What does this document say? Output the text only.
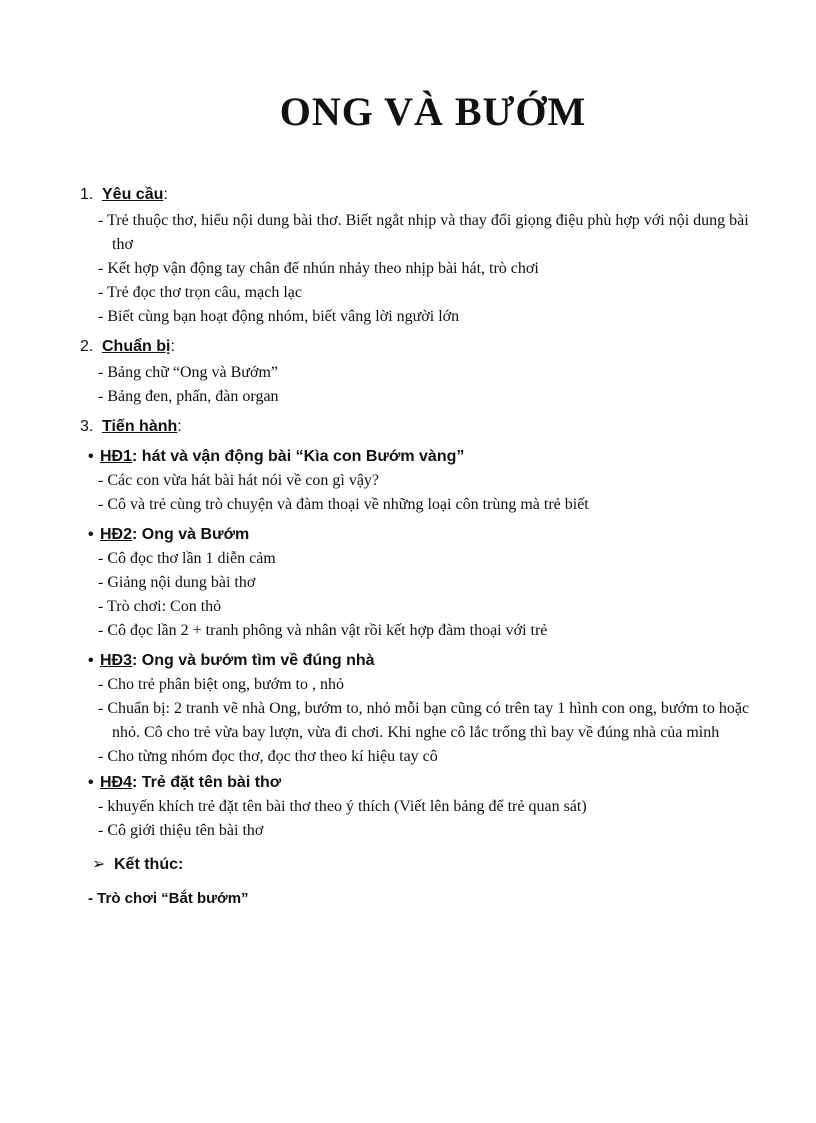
ONG VÀ BƯỚM
1. Yêu cầu :
- Trẻ thuộc thơ, hiểu nội dung bài thơ. Biết ngắt nhịp và thay đổi giọng điệu phù hợp với nội dung bài thơ
- Kết hợp vận động tay chân để nhún nhảy theo nhịp bài hát, trò chơi
- Trẻ đọc thơ trọn câu, mạch lạc
- Biết cùng bạn hoạt động nhóm, biết vâng lời người lớn
2. Chuẩn bị :
- Bảng chữ “Ong và Bướm”
- Bảng đen, phấn, đàn organ
3. Tiến hành :
• HĐ1: hát và vận động bài “Kìa con Bướm vàng”
- Các con vừa hát bài hát nói về con gì vậy?
- Cô và trẻ cùng trò chuyện và đàm thoại về những loại côn trùng mà trẻ biết
• HĐ2: Ong và Bướm
- Cô đọc thơ lần 1 diễn cảm
- Giảng nội dung bài thơ
- Trò chơi: Con thỏ
- Cô đọc lần 2 + tranh phông và nhân vật rồi kết hợp đàm thoại với trẻ
• HĐ3: Ong và bướm tìm về đúng nhà
- Cho trẻ phân biệt ong, bướm to , nhỏ
- Chuẩn bị: 2 tranh vẽ nhà Ong, bướm to, nhỏ mỗi bạn cũng có trên tay 1 hình con ong, bướm to hoặc nhỏ. Cô cho trẻ vừa bay lượn, vừa đi chơi. Khi nghe cô lắc trống thì bay về đúng nhà của mình
- Cho từng nhóm đọc thơ, đọc thơ theo kí hiệu tay cô
• HĐ4: Trẻ đặt tên bài thơ
- khuyến khích trẻ đặt tên bài thơ theo ý thích (Viết lên bảng để trẻ quan sát)
- Cô giới thiệu tên bài thơ
➢ Kết thúc:
- Trò chơi “Bắt bướm”
